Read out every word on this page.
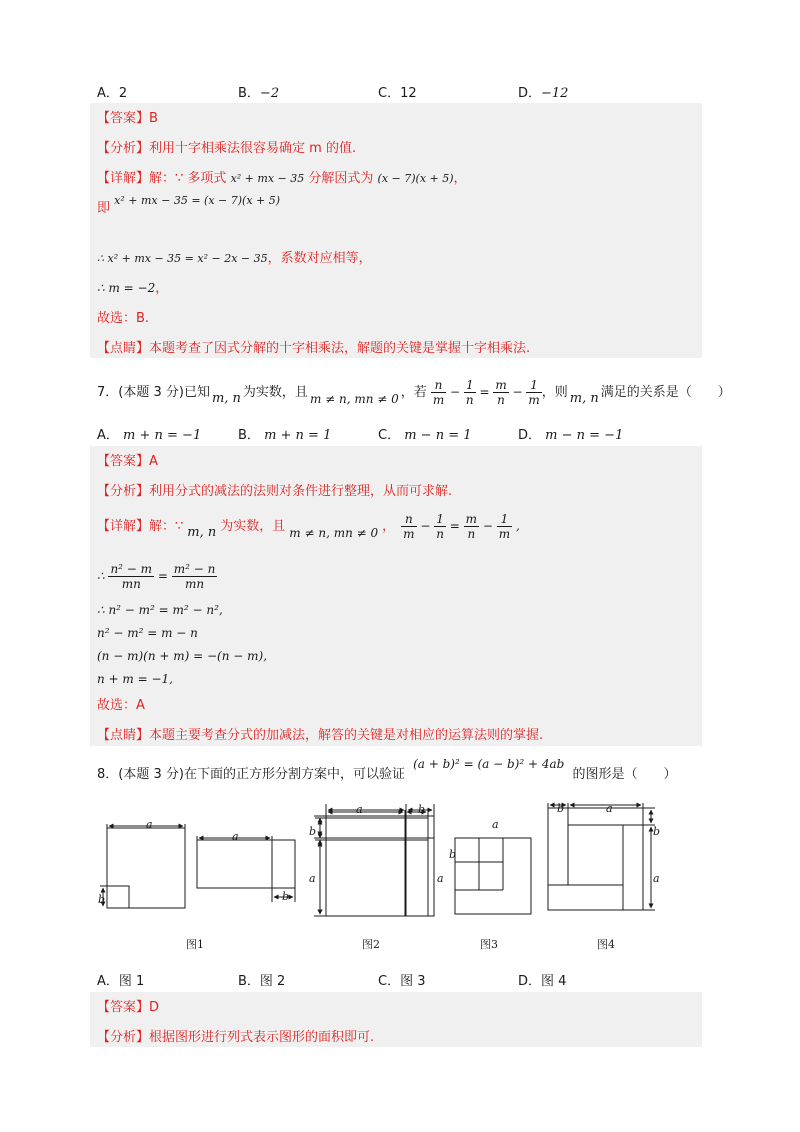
A．2	B．−2	C．12	D．−12
【答案】B
【分析】利用十字相乘法很容易确定 m 的值.
【详解】解：∵ 多项式 x² + mx − 35 分解因式为 (x − 7)(x + 5)，
即 $^{x^2 + mx - 35 = (x - 7)(x + 5)}$
∴ x² + mx − 35 = x² − 2x − 35，系数对应相等，
∴ m = −2，
故选：B.
【点睛】本题考查了因式分解的十字相乘法，解题的关键是掌握十字相乘法.
7．(本题 3 分)已知 m, n 为实数，且 m ≠ n, mn ≠ 0 ，若 $\frac{n}{m} - \frac{1}{n} = \frac{m}{n} - \frac{1}{m}$ ，则 m, n 满足的关系是（　　）
A． m + n = −1	B． m + n = 1	C． m − n = 1	D． m − n = −1
【答案】A
【分析】利用分式的减法的法则对条件进行整理，从而可求解.
【详解】 解：∵ m, n 为实数，且 m ≠ n, mn ≠ 0 ， $\frac{n}{m} - \frac{1}{n} = \frac{m}{n} - \frac{1}{m}$ ,
∴ $\frac{\text{n² − m}}{mn} = \frac{\text{m² − n}}{mn}$
∴ n² − m² = m² − n²,
n² − m² = m − n
(n − m)(n + m) = −(n − m),
n + m = −1,
故选：A
【点睛】本题主要考查分式的加减法，解答的关键是对相应的运算法则的掌握.
8．(本题 3 分)在下面的正方形分割方案中，可以验证 (a + b)² = (a − b)² + 4ab 的图形是（　　）
a
b
a
b
a	b
b
a
a
b
a
b	a
b
a
图1	图2	图3	图4
A．图 1	B．图 2	C．图 3	D．图 4
【答案】D
【分析】根据图形进行列式表示图形的面积即可.
